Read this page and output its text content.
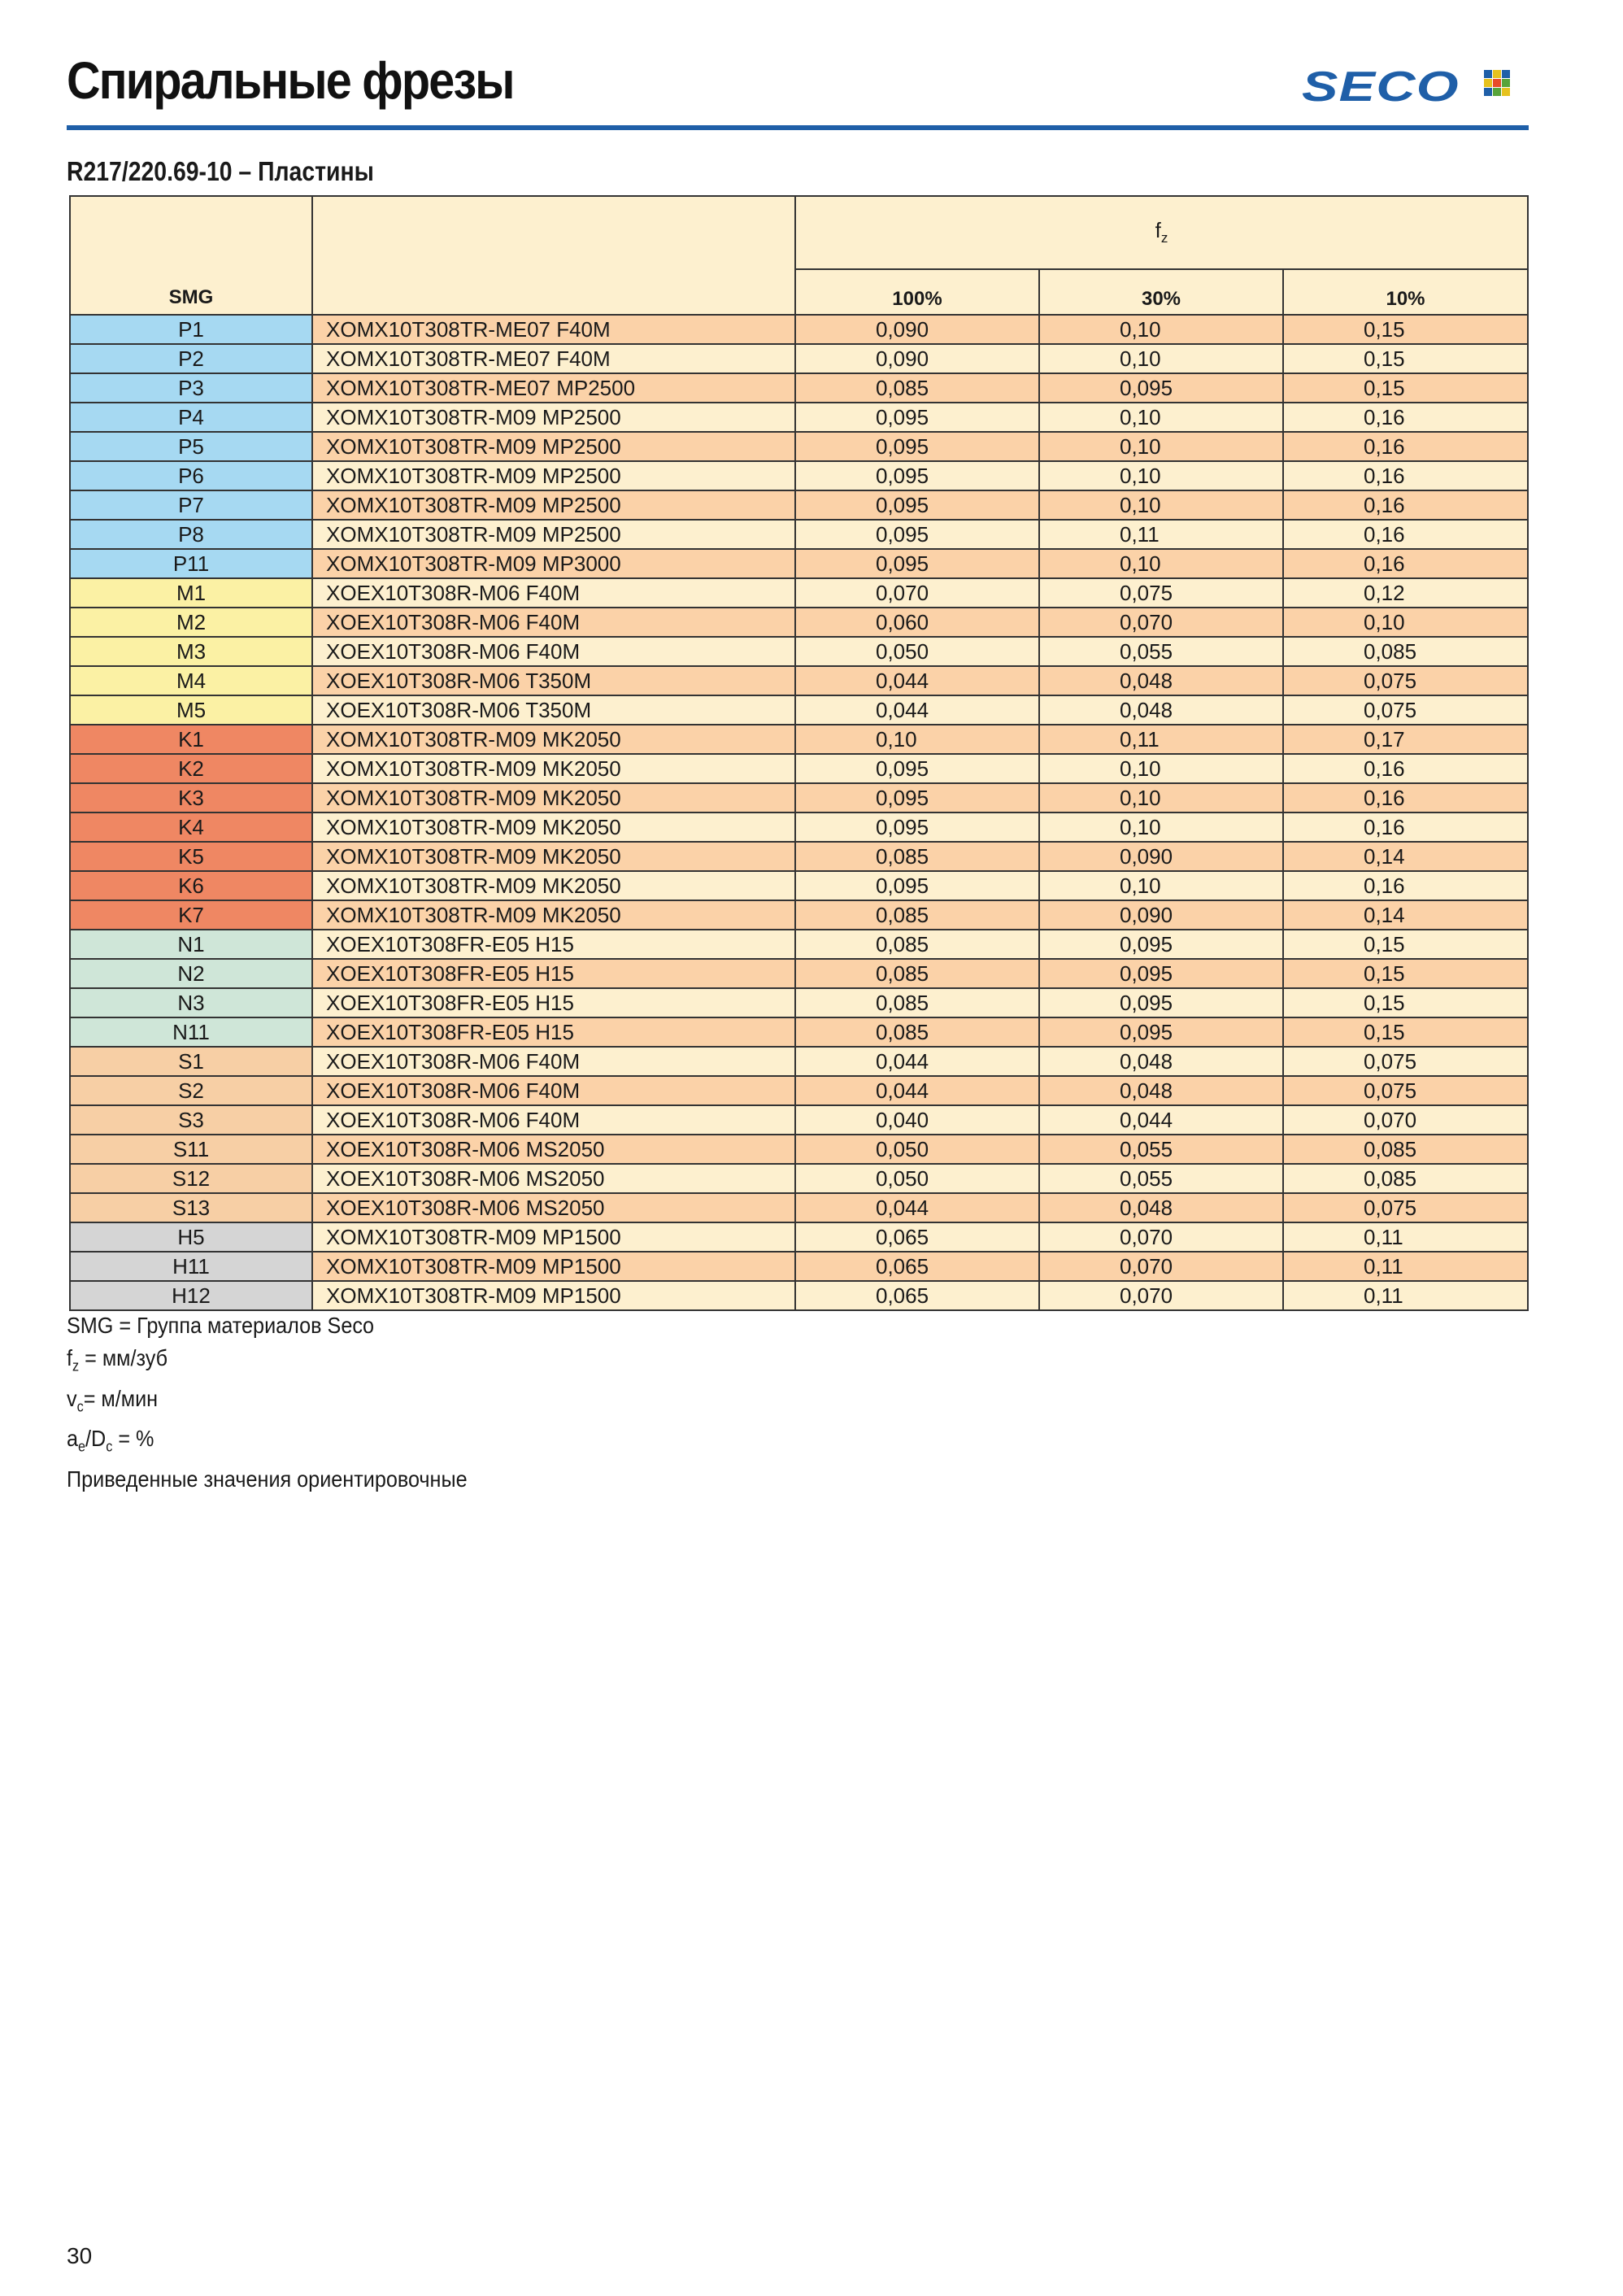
Спиральные фрезы	SECO
R217/220.69-10 – Пластины
SMG		$f_z$
		100%	30%	10%
P1	XOMX10T308TR-ME07 F40M	0,090	0,10	0,15
P2	XOMX10T308TR-ME07 F40M	0,090	0,10	0,15
P3	XOMX10T308TR-ME07 MP2500	0,085	0,095	0,15
P4	XOMX10T308TR-M09 MP2500	0,095	0,10	0,16
P5	XOMX10T308TR-M09 MP2500	0,095	0,10	0,16
P6	XOMX10T308TR-M09 MP2500	0,095	0,10	0,16
P7	XOMX10T308TR-M09 MP2500	0,095	0,10	0,16
P8	XOMX10T308TR-M09 MP2500	0,095	0,11	0,16
P11	XOMX10T308TR-M09 MP3000	0,095	0,10	0,16
M1	XOEX10T308R-M06 F40M	0,070	0,075	0,12
M2	XOEX10T308R-M06 F40M	0,060	0,070	0,10
M3	XOEX10T308R-M06 F40M	0,050	0,055	0,085
M4	XOEX10T308R-M06 T350M	0,044	0,048	0,075
M5	XOEX10T308R-M06 T350M	0,044	0,048	0,075
K1	XOMX10T308TR-M09 MK2050	0,10	0,11	0,17
K2	XOMX10T308TR-M09 MK2050	0,095	0,10	0,16
K3	XOMX10T308TR-M09 MK2050	0,095	0,10	0,16
K4	XOMX10T308TR-M09 MK2050	0,095	0,10	0,16
K5	XOMX10T308TR-M09 MK2050	0,085	0,090	0,14
K6	XOMX10T308TR-M09 MK2050	0,095	0,10	0,16
K7	XOMX10T308TR-M09 MK2050	0,085	0,090	0,14
N1	XOEX10T308FR-E05 H15	0,085	0,095	0,15
N2	XOEX10T308FR-E05 H15	0,085	0,095	0,15
N3	XOEX10T308FR-E05 H15	0,085	0,095	0,15
N11	XOEX10T308FR-E05 H15	0,085	0,095	0,15
S1	XOEX10T308R-M06 F40M	0,044	0,048	0,075
S2	XOEX10T308R-M06 F40M	0,044	0,048	0,075
S3	XOEX10T308R-M06 F40M	0,040	0,044	0,070
S11	XOEX10T308R-M06 MS2050	0,050	0,055	0,085
S12	XOEX10T308R-M06 MS2050	0,050	0,055	0,085
S13	XOEX10T308R-M06 MS2050	0,044	0,048	0,075
H5	XOMX10T308TR-M09 MP1500	0,065	0,070	0,11
H11	XOMX10T308TR-M09 MP1500	0,065	0,070	0,11
H12	XOMX10T308TR-M09 MP1500	0,065	0,070	0,11
SMG = Группа материалов Seco
$f_z = мм/зуб$
$v_c= м/мин$
$a_e/D_c$ = %
Приведенные значения ориентировочные
30
